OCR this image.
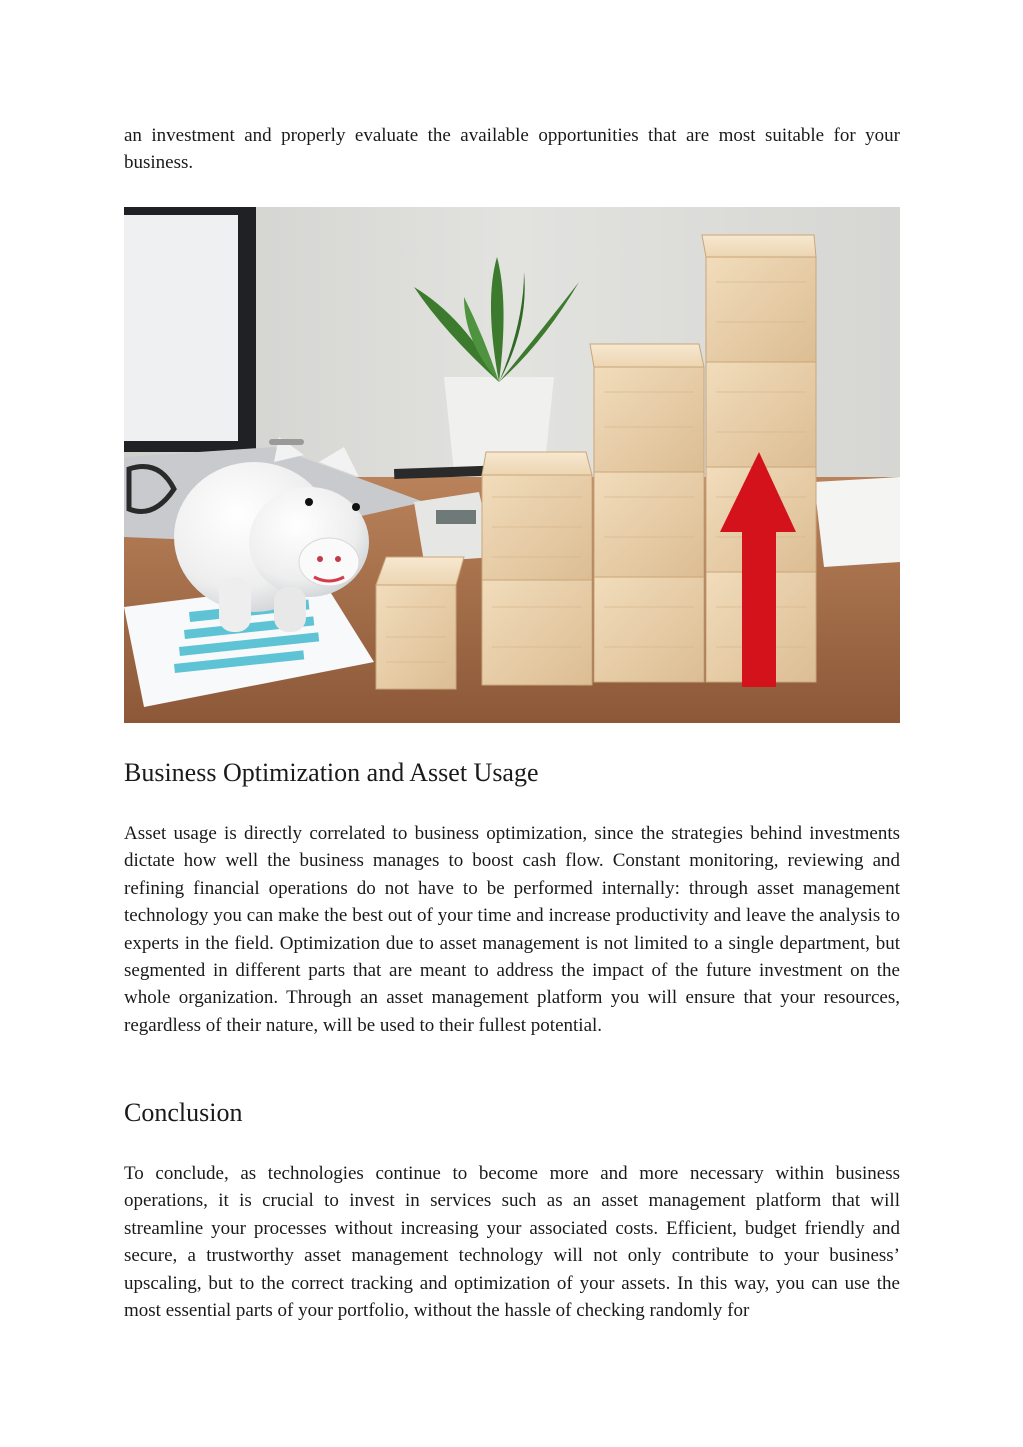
an investment and properly evaluate the available opportunities that are most suitable for your business.

Business Optimization and Asset Usage

Asset usage is directly correlated to business optimization, since the strategies behind investments dictate how well the business manages to boost cash flow. Constant monitoring, reviewing and refining financial operations do not have to be performed internally: through asset management technology you can make the best out of your time and increase productivity and leave the analysis to experts in the field. Optimization due to asset management is not limited to a single department, but segmented in different parts that are meant to address the impact of the future investment on the whole organization. Through an asset management platform you will ensure that your resources, regardless of their nature, will be used to their fullest potential.

Conclusion

To conclude, as technologies continue to become more and more necessary within business operations, it is crucial to invest in services such as an asset management platform that will streamline your processes without increasing your associated costs. Efficient, budget friendly and secure, a trustworthy asset management technology will not only contribute to your business’ upscaling, but to the correct tracking and optimization of your assets. In this way, you can use the most essential parts of your portfolio, without the hassle of checking randomly for
